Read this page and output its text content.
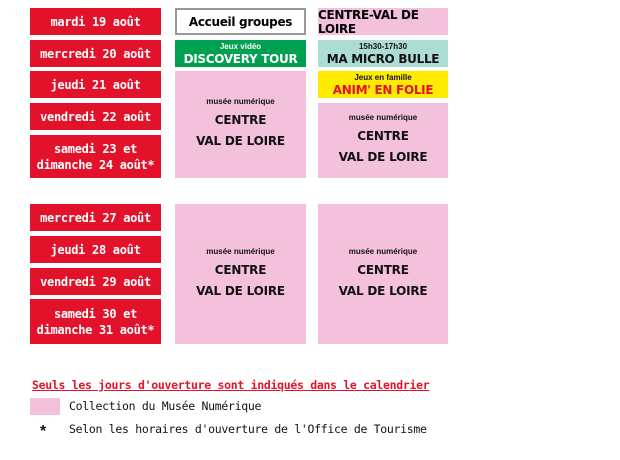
mardi 19 août
mercredi 20 août
jeudi 21 août
vendredi 22 août
samedi 23 et
dimanche 24 août*
Accueil groupes
Jeux vidéo
DISCOVERY TOUR
musée numérique
CENTRE
VAL DE LOIRE
CENTRE-VAL DE LOIRE
15h30-17h30
MA MICRO BULLE
Jeux en famille
ANIM' EN FOLIE
musée numérique
CENTRE
VAL DE LOIRE
mercredi 27 août
jeudi 28 août
vendredi 29 août
samedi 30 et
dimanche 31 août*
musée numérique
CENTRE
VAL DE LOIRE
musée numérique
CENTRE
VAL DE LOIRE
Seuls les jours d'ouverture sont indiqués dans le calendrier
Collection du Musée Numérique
* Selon les horaires d'ouverture de l'Office de Tourisme
